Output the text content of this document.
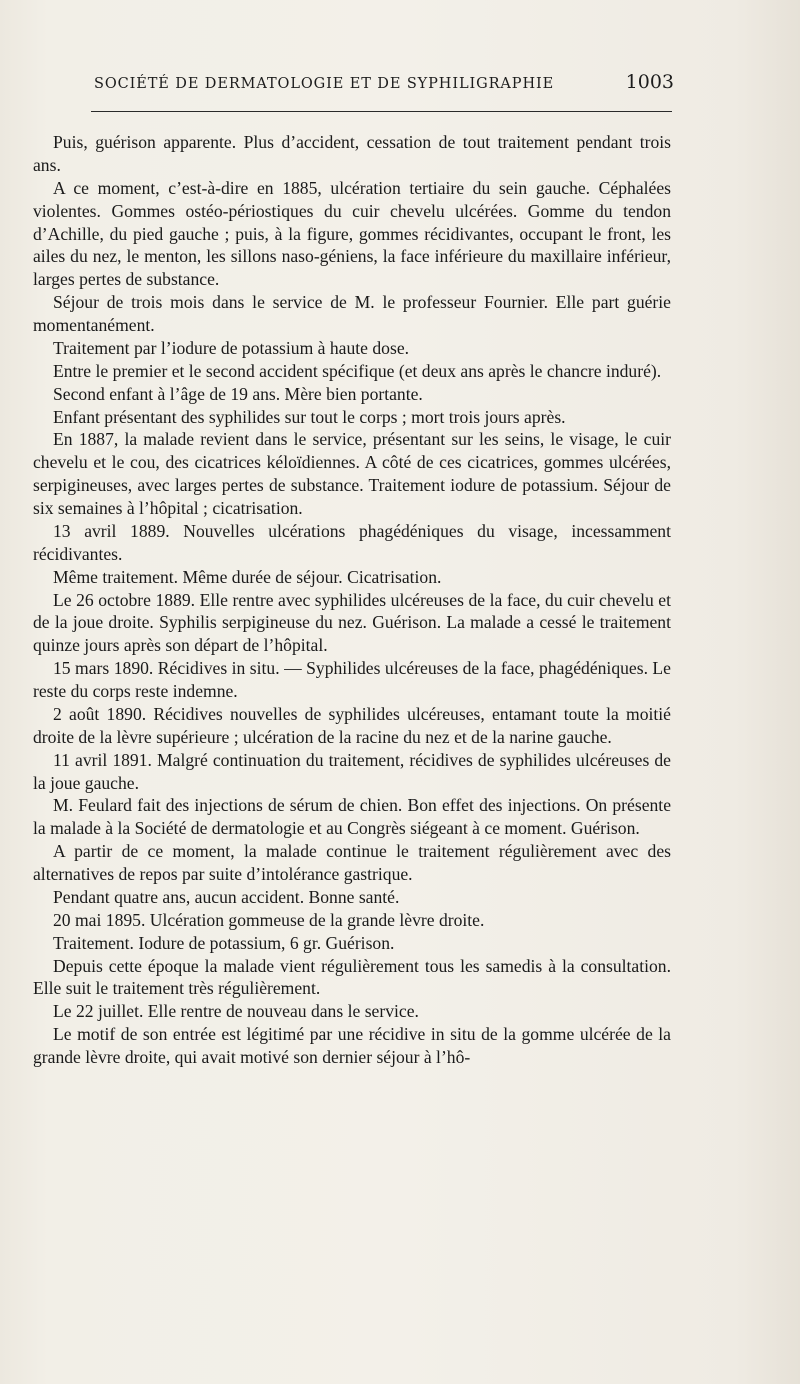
SOCIÉTÉ DE DERMATOLOGIE ET DE SYPHILIGRAPHIE	1003

Puis, guérison apparente. Plus d’accident, cessation de tout traitement pendant trois ans.

A ce moment, c’est-à-dire en 1885, ulcération tertiaire du sein gauche. Céphalées violentes. Gommes ostéo-périostiques du cuir chevelu ulcérées. Gomme du tendon d’Achille, du pied gauche ; puis, à la figure, gommes récidivantes, occupant le front, les ailes du nez, le menton, les sillons naso-géniens, la face inférieure du maxillaire inférieur, larges pertes de substance.

Séjour de trois mois dans le service de M. le professeur Fournier. Elle part guérie momentanément.

Traitement par l’iodure de potassium à haute dose.

Entre le premier et le second accident spécifique (et deux ans après le chancre induré).

Second enfant à l’âge de 19 ans. Mère bien portante.

Enfant présentant des syphilides sur tout le corps ; mort trois jours après.

En 1887, la malade revient dans le service, présentant sur les seins, le visage, le cuir chevelu et le cou, des cicatrices kéloïdiennes. A côté de ces cicatrices, gommes ulcérées, serpigineuses, avec larges pertes de substance. Traitement iodure de potassium. Séjour de six semaines à l’hôpital ; cicatrisation.

13 avril 1889. Nouvelles ulcérations phagédéniques du visage, incessamment récidivantes.

Même traitement. Même durée de séjour. Cicatrisation.

Le 26 octobre 1889. Elle rentre avec syphilides ulcéreuses de la face, du cuir chevelu et de la joue droite. Syphilis serpigineuse du nez. Guérison. La malade a cessé le traitement quinze jours après son départ de l’hôpital.

15 mars 1890. Récidives in situ. — Syphilides ulcéreuses de la face, phagédéniques. Le reste du corps reste indemne.

2 août 1890. Récidives nouvelles de syphilides ulcéreuses, entamant toute la moitié droite de la lèvre supérieure ; ulcération de la racine du nez et de la narine gauche.

11 avril 1891. Malgré continuation du traitement, récidives de syphilides ulcéreuses de la joue gauche.

M. Feulard fait des injections de sérum de chien. Bon effet des injections. On présente la malade à la Société de dermatologie et au Congrès siégeant à ce moment. Guérison.

A partir de ce moment, la malade continue le traitement régulièrement avec des alternatives de repos par suite d’intolérance gastrique.

Pendant quatre ans, aucun accident. Bonne santé.

20 mai 1895. Ulcération gommeuse de la grande lèvre droite.

Traitement. Iodure de potassium, 6 gr. Guérison.

Depuis cette époque la malade vient régulièrement tous les samedis à la consultation. Elle suit le traitement très régulièrement.

Le 22 juillet. Elle rentre de nouveau dans le service.

Le motif de son entrée est légitimé par une récidive in situ de la gomme ulcérée de la grande lèvre droite, qui avait motivé son dernier séjour à l’hô-
